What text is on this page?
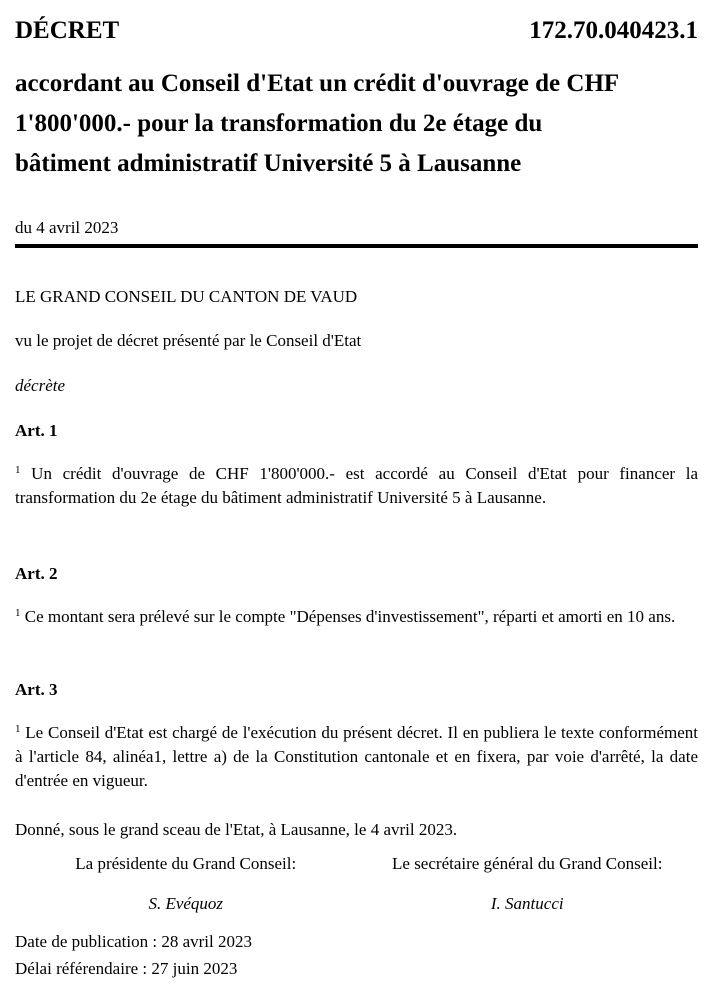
DÉCRET	172.70.040423.1
accordant au Conseil d'Etat un crédit d'ouvrage de CHF
1'800'000.- pour la transformation du 2e étage du
bâtiment administratif Université 5 à Lausanne
du 4 avril 2023
LE GRAND CONSEIL DU CANTON DE VAUD
vu le projet de décret présenté par le Conseil d'Etat
décrète
Art. 1
$^1$ Un crédit d'ouvrage de CHF 1'800'000.- est accordé au Conseil d'Etat pour financer la transformation du 2e étage du bâtiment administratif Université 5 à Lausanne.
Art. 2
$^1$ Ce montant sera prélevé sur le compte "Dépenses d'investissement", réparti et amorti en 10 ans.
Art. 3
$^1$ Le Conseil d'Etat est chargé de l'exécution du présent décret. Il en publiera le texte conformément à l'article 84, alinéa1, lettre a) de la Constitution cantonale et en fixera, par voie d'arrêté, la date d'entrée en vigueur.
Donné, sous le grand sceau de l'Etat, à Lausanne, le 4 avril 2023.
La présidente du Grand Conseil:	Le secrétaire général du Grand Conseil:
S. Evéquoz	I. Santucci
Date de publication : 28 avril 2023
Délai référendaire : 27 juin 2023
